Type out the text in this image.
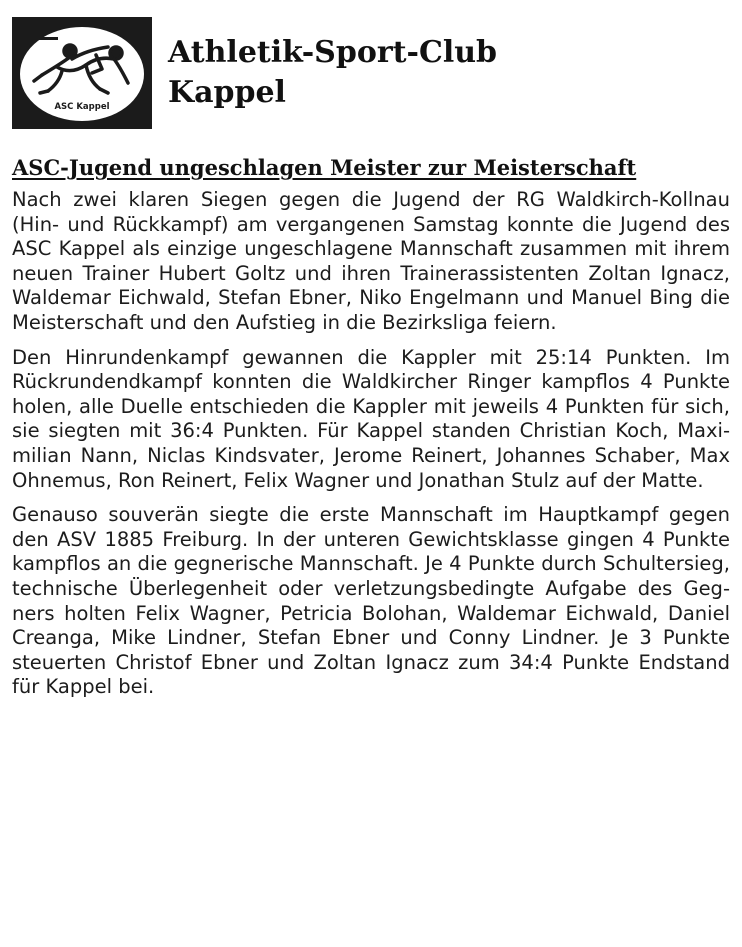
ASC Kappel
Athletik-Sport-Club
Kappel
ASC-Jugend ungeschlagen Meister zur Meisterschaft

Nach zwei klaren Siegen gegen die Jugend der RG Waldkirch-Kollnau (Hin- und Rückkampf) am vergangenen Samstag konnte die Jugend des ASC Kappel als einzige ungeschlagene Mannschaft zusammen mit ihrem neuen Trainer Hubert Goltz und ihren Trainerassistenten Zoltan Ignacz, Waldemar Eichwald, Stefan Ebner, Niko Engelmann und Manuel Bing die Meisterschaft und den Aufstieg in die Bezirksliga feiern.

Den Hinrundenkampf gewannen die Kappler mit 25:14 Punkten. Im Rückrundendkampf konnten die Waldkircher Ringer kampflos 4 Punkte holen, alle Duelle entschieden die Kappler mit jeweils 4 Punkten für sich, sie siegten mit 36:4 Punkten. Für Kappel standen Christian Koch, Maximilian Nann, Niclas Kindsvater, Jerome Reinert, Johannes Schaber, Max Ohnemus, Ron Reinert, Felix Wagner und Jonathan Stulz auf der Matte.

Genauso souverän siegte die erste Mannschaft im Hauptkampf gegen den ASV 1885 Freiburg. In der unteren Gewichtsklasse gingen 4 Punkte kampflos an die gegnerische Mannschaft. Je 4 Punkte durch Schultersieg, technische Überlegenheit oder verletzungsbedingte Aufgabe des Gegners holten Felix Wagner, Petricia Bolohan, Waldemar Eichwald, Daniel Creanga, Mike Lindner, Stefan Ebner und Conny Lindner. Je 3 Punkte steuerten Christof Ebner und Zoltan Ignacz zum 34:4 Punkte Endstand für Kappel bei.
